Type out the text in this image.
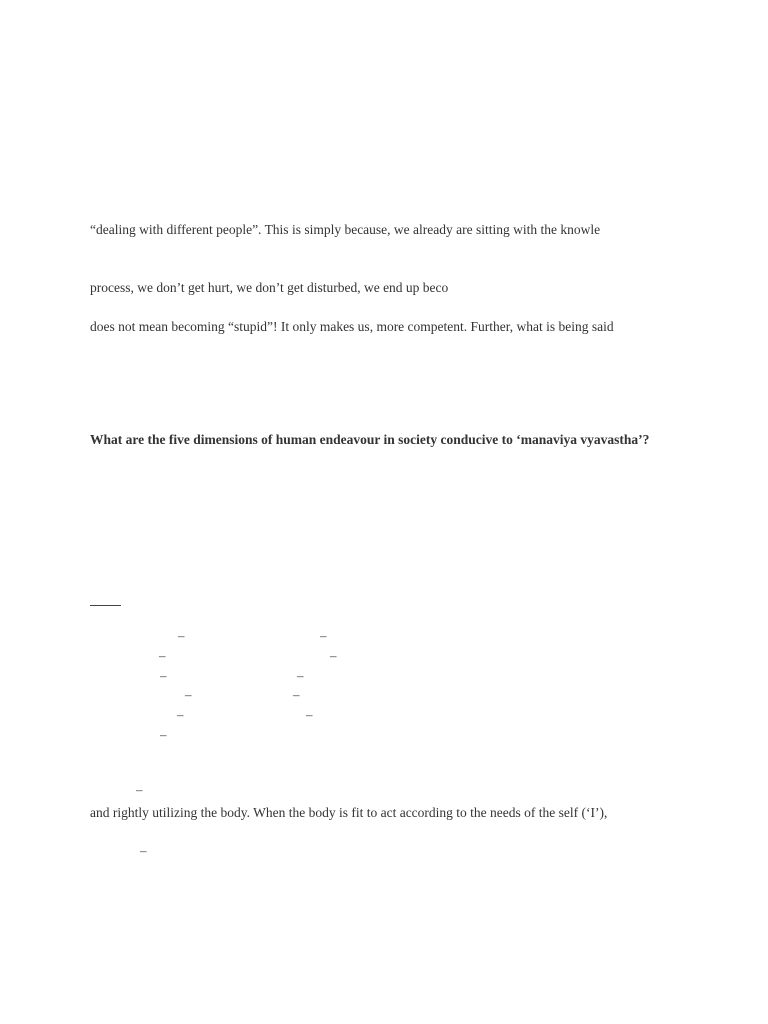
“dealing with different people”. This is simply because, we already are sitting with the knowle
process, we don’t get hurt, we don’t get disturbed, we end up beco
does not mean becoming “stupid”! It only makes us, more competent. Further, what is being said
What are the five dimensions of human endeavour in society conducive to ‘manaviya vyavastha’?
–	–
–	–
–	–
–	–
–	–
–
–
and rightly utilizing the body. When the body is fit to act according to the needs of the self (‘I’),
–
